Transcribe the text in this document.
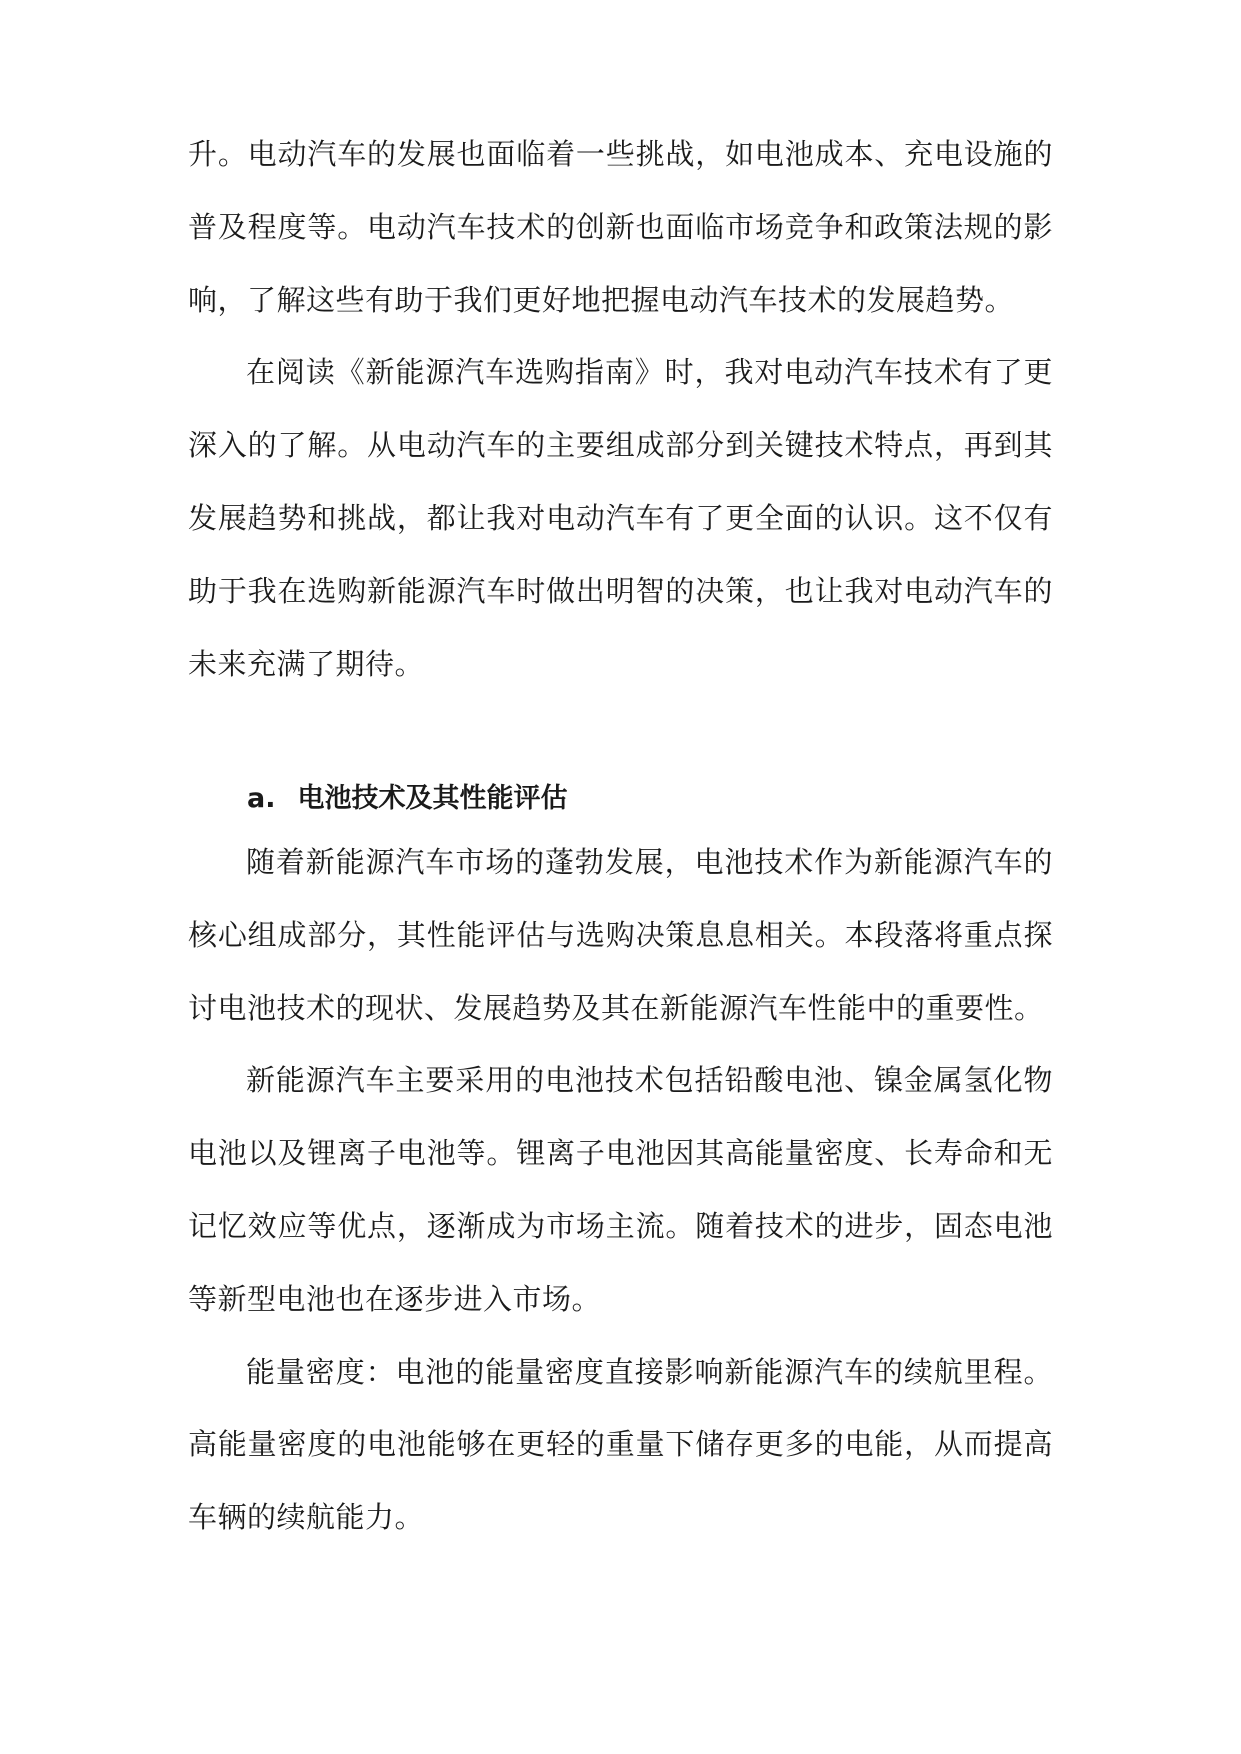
升。电动汽车的发展也面临着一些挑战，如电池成本、充电设施的普及程度等。电动汽车技术的创新也面临市场竞争和政策法规的影响，了解这些有助于我们更好地把握电动汽车技术的发展趋势。

在阅读《新能源汽车选购指南》时，我对电动汽车技术有了更深入的了解。从电动汽车的主要组成部分到关键技术特点，再到其发展趋势和挑战，都让我对电动汽车有了更全面的认识。这不仅有助于我在选购新能源汽车时做出明智的决策，也让我对电动汽车的未来充满了期待。

a. 电池技术及其性能评估

随着新能源汽车市场的蓬勃发展，电池技术作为新能源汽车的核心组成部分，其性能评估与选购决策息息相关。本段落将重点探讨电池技术的现状、发展趋势及其在新能源汽车性能中的重要性。

新能源汽车主要采用的电池技术包括铅酸电池、镍金属氢化物电池以及锂离子电池等。锂离子电池因其高能量密度、长寿命和无记忆效应等优点，逐渐成为市场主流。随着技术的进步，固态电池等新型电池也在逐步进入市场。

能量密度：电池的能量密度直接影响新能源汽车的续航里程。高能量密度的电池能够在更轻的重量下储存更多的电能，从而提高车辆的续航能力。
